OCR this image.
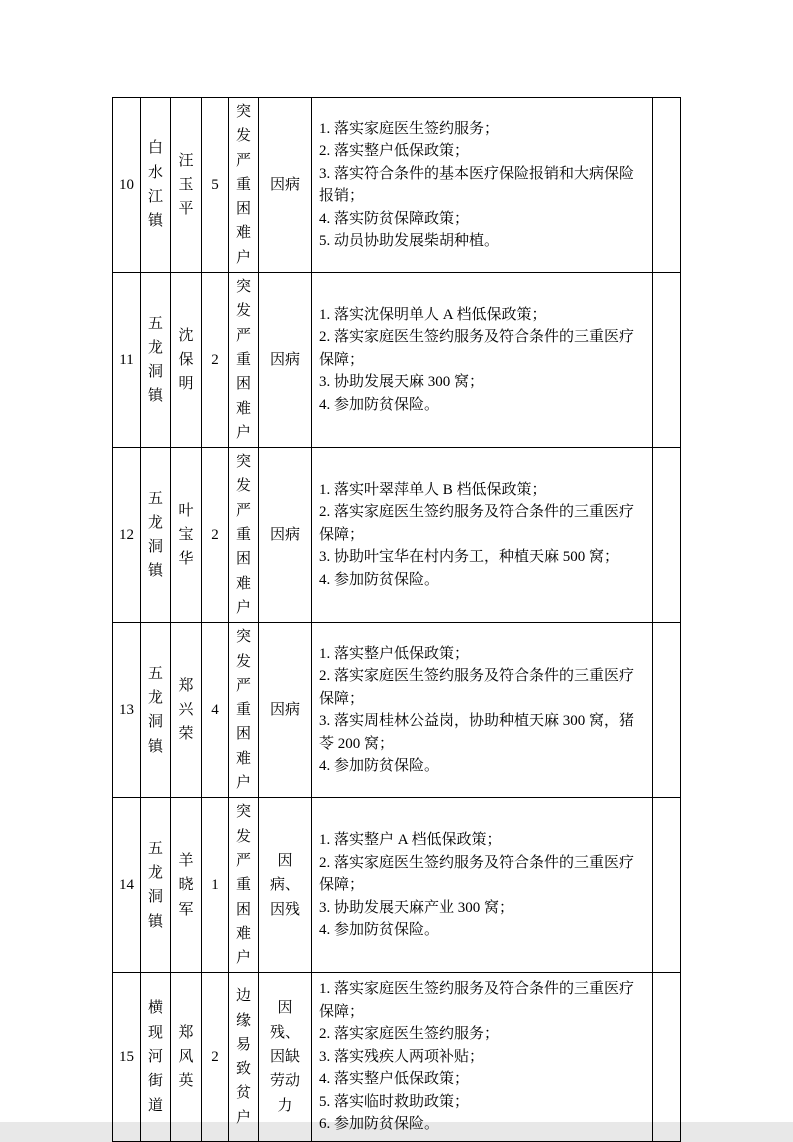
10	白水江镇	汪玉平	5	突发严重困难户	因病	1. 落实家庭医生签约服务；
2. 落实整户低保政策；
3. 落实符合条件的基本医疗保险报销和大病保险报销；
4. 落实防贫保障政策；
5. 动员协助发展柴胡种植。	

11	五龙洞镇	沈保明	2	突发严重困难户	因病	1. 落实沈保明单人 A 档低保政策；
2. 落实家庭医生签约服务及符合条件的三重医疗保障；
3. 协助发展天麻 300 窝；
4. 参加防贫保险。	

12	五龙洞镇	叶宝华	2	突发严重困难户	因病	1. 落实叶翠萍单人 B 档低保政策；
2. 落实家庭医生签约服务及符合条件的三重医疗保障；
3. 协助叶宝华在村内务工，种植天麻 500 窝；
4. 参加防贫保险。	

13	五龙洞镇	郑兴荣	4	突发严重困难户	因病	1. 落实整户低保政策；
2. 落实家庭医生签约服务及符合条件的三重医疗保障；
3. 落实周桂林公益岗，协助种植天麻 300 窝，猪苓 200 窝；
4. 参加防贫保险。	

14	五龙洞镇	羊晓军	1	突发严重困难户	因病、因残	1. 落实整户 A 档低保政策；
2. 落实家庭医生签约服务及符合条件的三重医疗保障；
3. 协助发展天麻产业 300 窝；
4. 参加防贫保险。	

15	横现河街道	郑风英	2	边缘易致贫户	因残、因缺劳动力	
1. 落实家庭医生签约服务及符合条件的三重医疗保障；
2. 落实家庭医生签约服务；
3. 落实残疾人两项补贴；
4. 落实整户低保政策；
5. 落实临时救助政策；
6. 参加防贫保险。
